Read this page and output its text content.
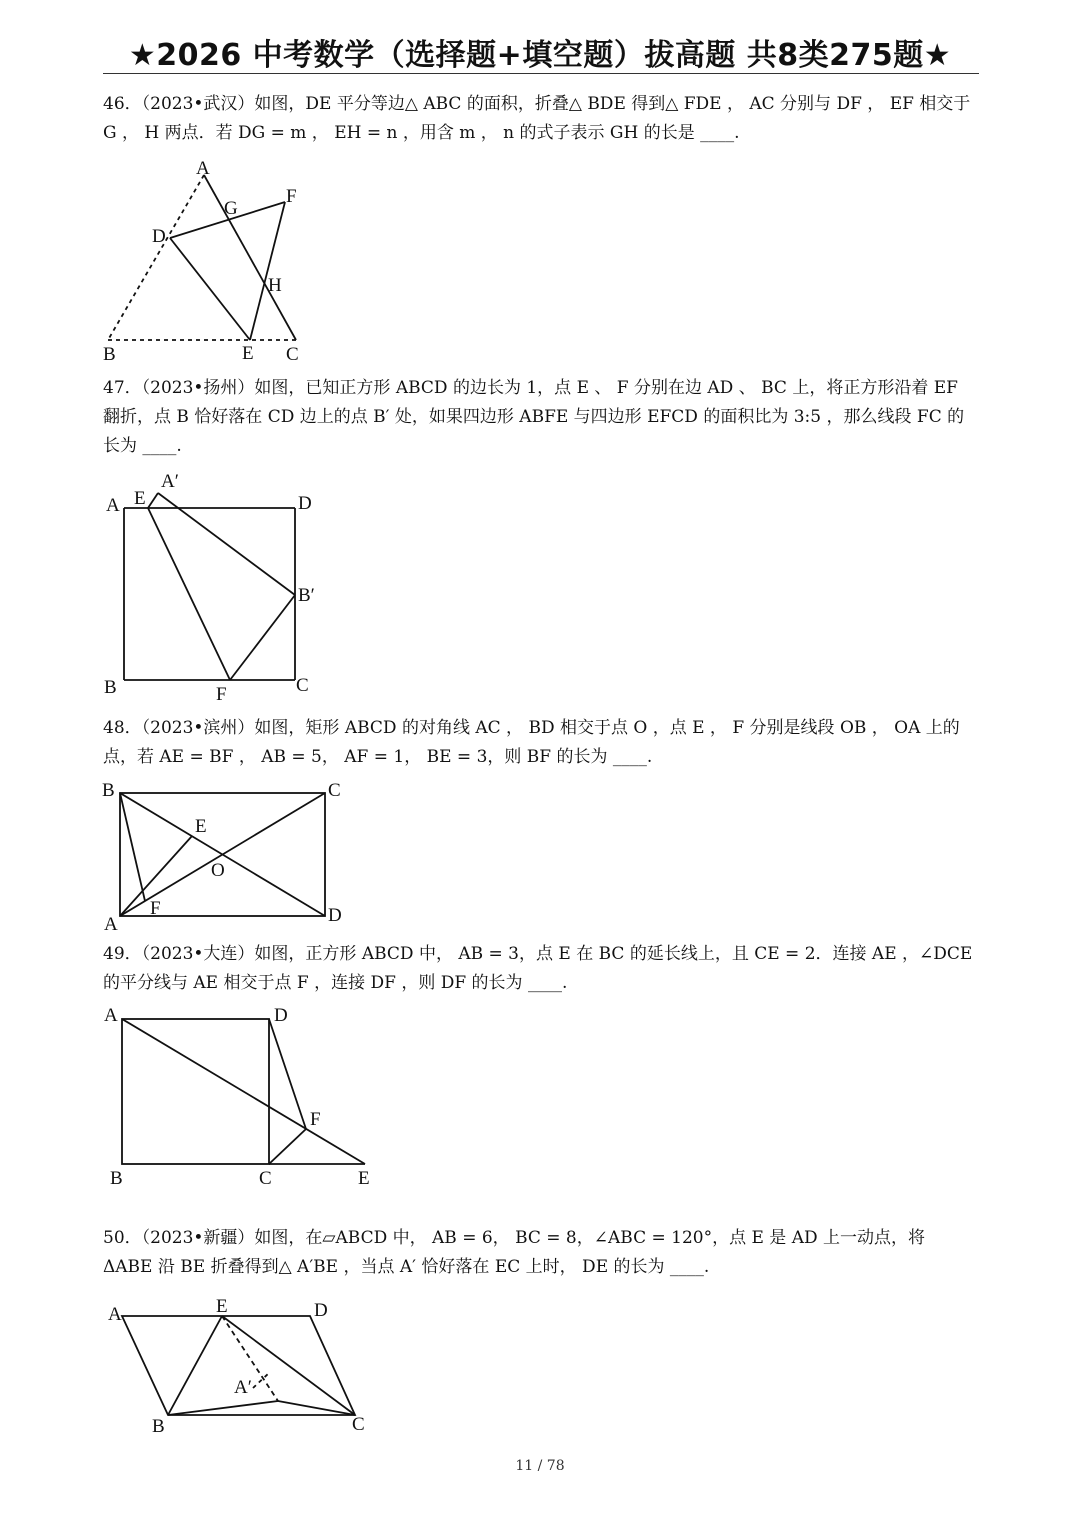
★2026 中考数学（选择题+填空题）拔高题 共8类275题★
46．（2023•武汉）如图，DE 平分等边△ ABC 的面积，折叠△ BDE 得到△ FDE ， AC 分别与 DF ， EF 相交于 G ， H 两点．若 DG = m ， EH = n ，用含 m ， n 的式子表示 GH 的长是 ____.
A
G
F
D
H
B	E C
47．（2023•扬州）如图，已知正方形 ABCD 的边长为 1，点 E 、 F 分别在边 AD 、 BC 上，将正方形沿着 EF 翻折，点 B 恰好落在 CD 边上的点 B′ 处，如果四边形 ABFE 与四边形 EFCD 的面积比为 3:5 ，那么线段 FC 的长为 ____.
A E
A′
D
B′
B	F	C
48．（2023•滨州）如图，矩形 ABCD 的对角线 AC ， BD 相交于点 O ，点 E ， F 分别是线段 OB ， OA 上的点，若 AE = BF ， AB = 5， AF = 1， BE = 3，则 BF 的长为 ____.
B	C
E
O
A
F	D
49．（2023•大连）如图，正方形 ABCD 中， AB = 3，点 E 在 BC 的延长线上，且 CE = 2．连接 AE ，∠DCE 的平分线与 AE 相交于点 F ，连接 DF ，则 DF 的长为 ____.
A	D
F
B	C	E
50．（2023•新疆）如图，在▱ABCD 中， AB = 6， BC = 8，∠ABC = 120°，点 E 是 AD 上一动点，将 ΔABE 沿 BE 折叠得到△ A′BE ，当点 A′ 恰好落在 EC 上时， DE 的长为 ____.
A	E	D
A′
B	C
11 / 78
